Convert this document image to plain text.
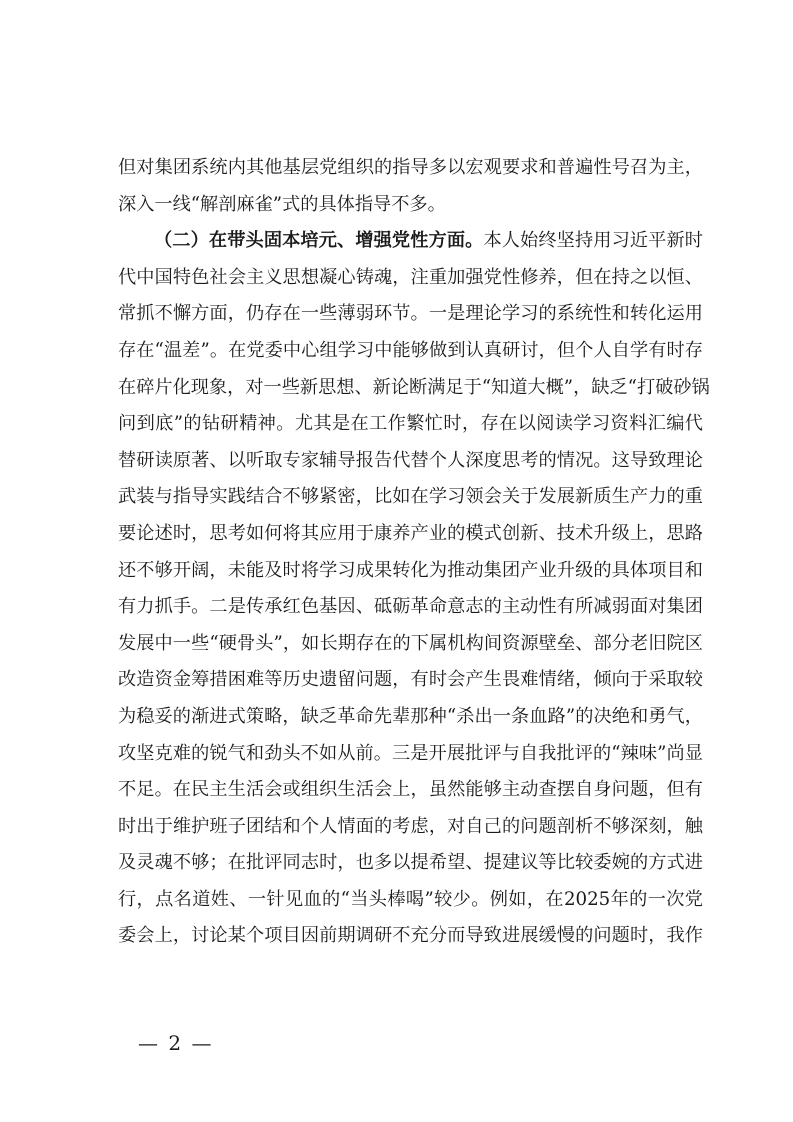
但对集团系统内其他基层党组织的指导多以宏观要求和普遍性号召为主，
深入一线“解剖麻雀”式的具体指导不多。
（二）在带头固本培元、增强党性方面。本人始终坚持用习近平新时
代中国特色社会主义思想凝心铸魂，注重加强党性修养，但在持之以恒、
常抓不懈方面，仍存在一些薄弱环节。一是理论学习的系统性和转化运用
存在“温差”。在党委中心组学习中能够做到认真研讨，但个人自学有时存
在碎片化现象，对一些新思想、新论断满足于“知道大概”，缺乏“打破砂锅
问到底”的钻研精神。尤其是在工作繁忙时，存在以阅读学习资料汇编代
替研读原著、以听取专家辅导报告代替个人深度思考的情况。这导致理论
武装与指导实践结合不够紧密，比如在学习领会关于发展新质生产力的重
要论述时，思考如何将其应用于康养产业的模式创新、技术升级上，思路
还不够开阔，未能及时将学习成果转化为推动集团产业升级的具体项目和
有力抓手。二是传承红色基因、砥砺革命意志的主动性有所减弱面对集团
发展中一些“硬骨头”，如长期存在的下属机构间资源壁垒、部分老旧院区
改造资金筹措困难等历史遗留问题，有时会产生畏难情绪，倾向于采取较
为稳妥的渐进式策略，缺乏革命先辈那种“杀出一条血路”的决绝和勇气，
攻坚克难的锐气和劲头不如从前。三是开展批评与自我批评的“辣味”尚显
不足。在民主生活会或组织生活会上，虽然能够主动查摆自身问题，但有
时出于维护班子团结和个人情面的考虑，对自己的问题剖析不够深刻，触
及灵魂不够；在批评同志时，也多以提希望、提建议等比较委婉的方式进
行，点名道姓、一针见血的“当头棒喝”较少。例如，在2025年的一次党
委会上，讨论某个项目因前期调研不充分而导致进展缓慢的问题时，我作
— 2 —
